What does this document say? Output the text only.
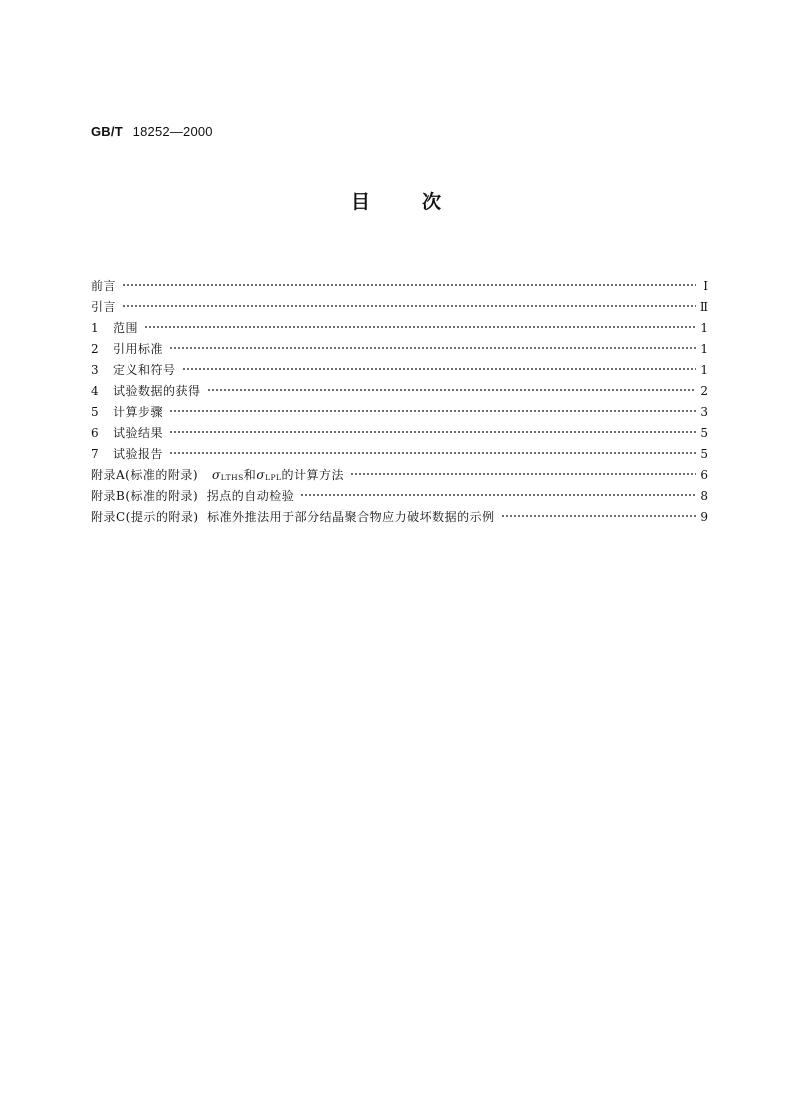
GB/T 18252—2000
目次
前言	Ⅰ
引言	Ⅱ
1	范围	1
2	引用标准	1
3	定义和符号	1
4	试验数据的获得	2
5	计算步骤	3
6	试验结果	5
7	试验报告	5
附录A(标准的附录) σLTHS和σLPL的计算方法	6
附录B(标准的附录)  拐点的自动检验	8
附录C(提示的附录)  标准外推法用于部分结晶聚合物应力破坏数据的示例	9
